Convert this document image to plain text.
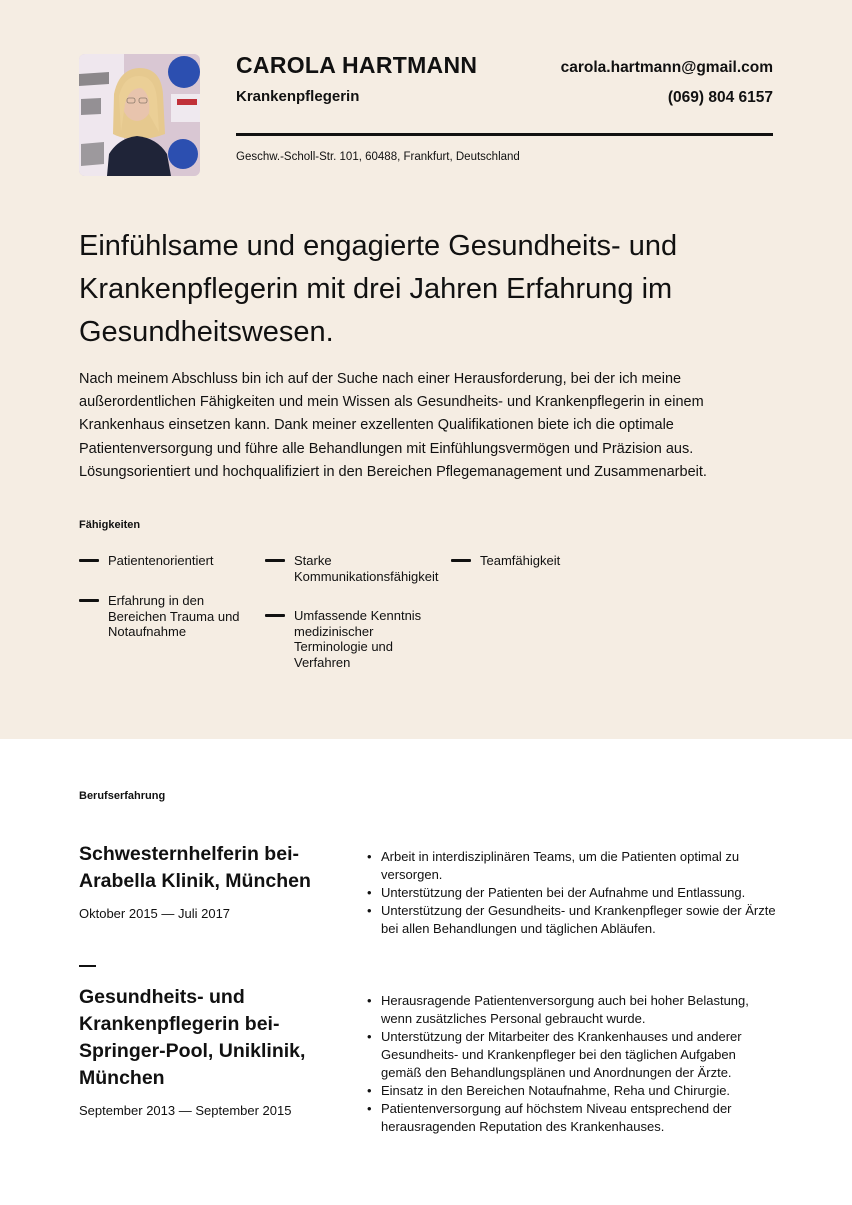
CAROLA HARTMANN
Krankenpflegerin
carola.hartmann@gmail.com
(069) 804 6157
Geschw.-Scholl-Str. 101, 60488, Frankfurt, Deutschland
Einfühlsame und engagierte Gesundheits- und Krankenpflegerin mit drei Jahren Erfahrung im Gesundheitswesen.
Nach meinem Abschluss bin ich auf der Suche nach einer Herausforderung, bei der ich meine außerordentlichen Fähigkeiten und mein Wissen als Gesundheits- und Krankenpflegerin in einem Krankenhaus einsetzen kann. Dank meiner exzellenten Qualifikationen biete ich die optimale Patientenversorgung und führe alle Behandlungen mit Einfühlungsvermögen und Präzision aus. Lösungsorientiert und hochqualifiziert in den Bereichen Pflegemanagement und Zusammenarbeit.
Fähigkeiten
Patientenorientiert	Starke Kommunikationsfähigkeit
Teamfähigkeit
Erfahrung in den Bereichen Trauma und Notaufnahme
Umfassende Kenntnis medizinischer Terminologie und Verfahren
Berufserfahrung
Schwesternhelferin bei-Arabella Klinik, München
Oktober 2015 — Juli 2017
• Arbeit in interdisziplinären Teams, um die Patienten optimal zu versorgen.
• Unterstützung der Patienten bei der Aufnahme und Entlassung.
• Unterstützung der Gesundheits- und Krankenpfleger sowie der Ärzte bei allen Behandlungen und täglichen Abläufen.
Gesundheits- und Krankenpflegerin bei-Springer-Pool, Uniklinik, München
September 2013 — September 2015
• Herausragende Patientenversorgung auch bei hoher Belastung, wenn zusätzliches Personal gebraucht wurde.
• Unterstützung der Mitarbeiter des Krankenhauses und anderer Gesundheits- und Krankenpfleger bei den täglichen Aufgaben gemäß den Behandlungsplänen und Anordnungen der Ärzte.
• Einsatz in den Bereichen Notaufnahme, Reha und Chirurgie.
• Patientenversorgung auf höchstem Niveau entsprechend der herausragenden Reputation des Krankenhauses.
